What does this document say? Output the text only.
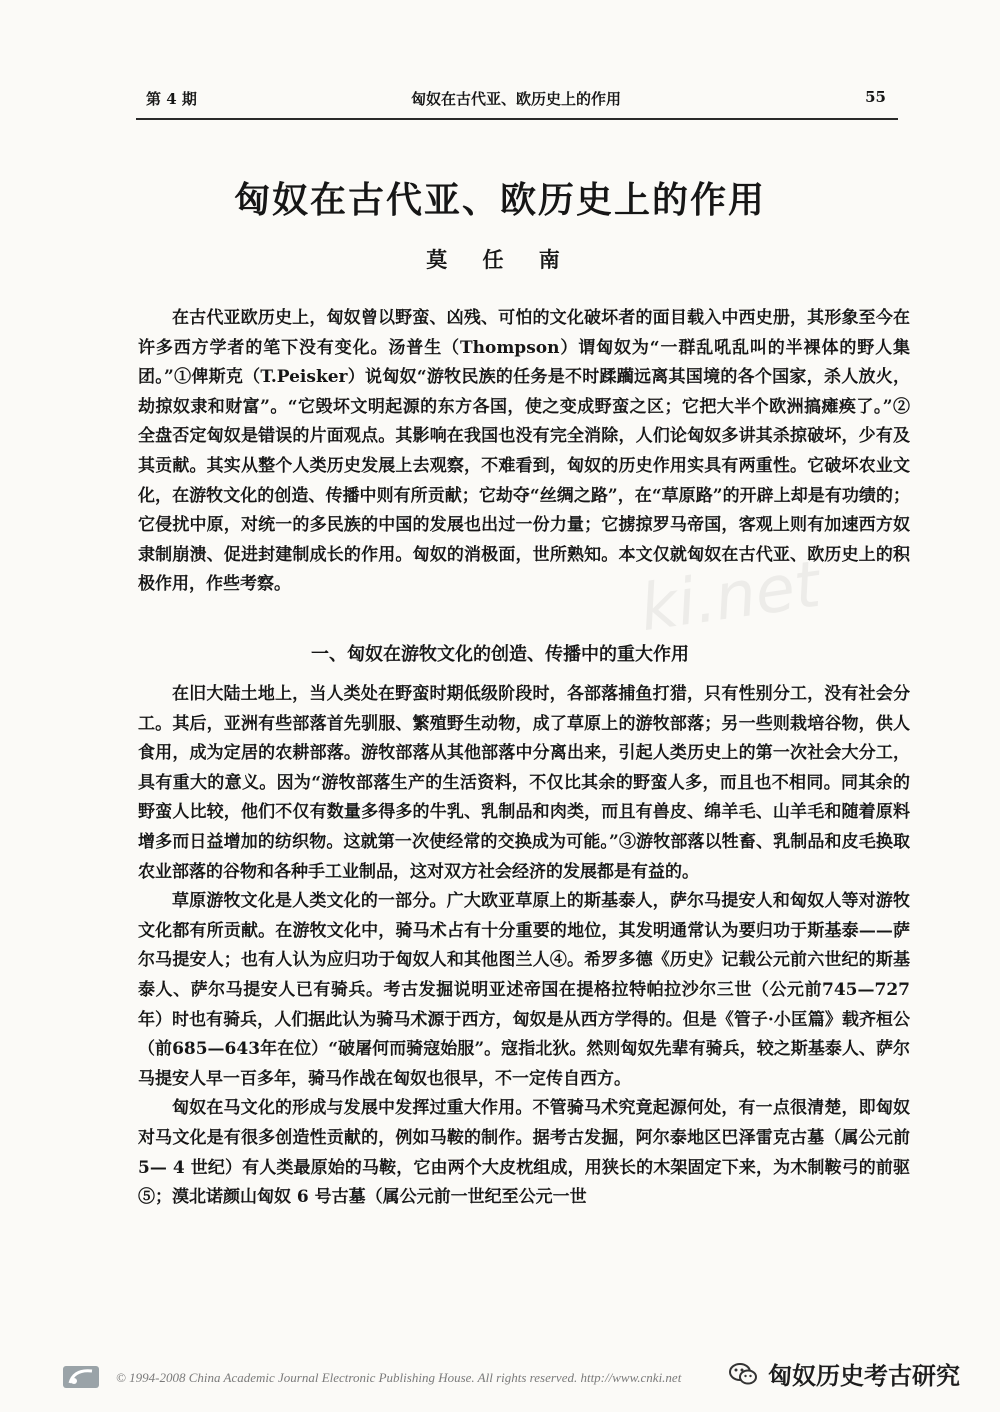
第 4 期	匈奴在古代亚、欧历史上的作用	55
ki.net
匈奴在古代亚、欧历史上的作用
莫 任 南

在古代亚欧历史上，匈奴曾以野蛮、凶残、可怕的文化破坏者的面目载入中西史册，其形象至今在许多西方学者的笔下没有变化。汤普生（Thompson）谓匈奴为“一群乱吼乱叫的半裸体的野人集团。”①俾斯克（T.Peisker）说匈奴“游牧民族的任务是不时蹂躏远离其国境的各个国家，杀人放火，劫掠奴隶和财富”。“它毁坏文明起源的东方各国，使之变成野蛮之区；它把大半个欧洲搞瘫痪了。”② 全盘否定匈奴是错误的片面观点。其影响在我国也没有完全消除，人们论匈奴多讲其杀掠破坏，少有及其贡献。其实从整个人类历史发展上去观察，不难看到，匈奴的历史作用实具有两重性。它破坏农业文化，在游牧文化的创造、传播中则有所贡献；它劫夺“丝绸之路”，在“草原路”的开辟上却是有功绩的；它侵扰中原，对统一的多民族的中国的发展也出过一份力量；它掳掠罗马帝国，客观上则有加速西方奴隶制崩溃、促进封建制成长的作用。匈奴的消极面，世所熟知。本文仅就匈奴在古代亚、欧历史上的积极作用，作些考察。

一、匈奴在游牧文化的创造、传播中的重大作用

在旧大陆土地上，当人类处在野蛮时期低级阶段时，各部落捕鱼打猎，只有性别分工，没有社会分工。其后，亚洲有些部落首先驯服、繁殖野生动物，成了草原上的游牧部落；另一些则栽培谷物，供人食用，成为定居的农耕部落。游牧部落从其他部落中分离出来，引起人类历史上的第一次社会大分工，具有重大的意义。因为“游牧部落生产的生活资料，不仅比其余的野蛮人多，而且也不相同。同其余的野蛮人比较，他们不仅有数量多得多的牛乳、乳制品和肉类，而且有兽皮、绵羊毛、山羊毛和随着原料增多而日益增加的纺织物。这就第一次使经常的交换成为可能。”③游牧部落以牲畜、乳制品和皮毛换取农业部落的谷物和各种手工业制品，这对双方社会经济的发展都是有益的。

草原游牧文化是人类文化的一部分。广大欧亚草原上的斯基泰人，萨尔马提安人和匈奴人等对游牧文化都有所贡献。在游牧文化中，骑马术占有十分重要的地位，其发明通常认为要归功于斯基泰——萨尔马提安人；也有人认为应归功于匈奴人和其他图兰人④。希罗多德《历史》记载公元前六世纪的斯基泰人、萨尔马提安人已有骑兵。考古发掘说明亚述帝国在提格拉特帕拉沙尔三世（公元前745—727年）时也有骑兵，人们据此认为骑马术源于西方，匈奴是从西方学得的。但是《管子·小匡篇》载齐桓公（前685—643年在位）“破屠何而骑寇始服”。寇指北狄。然则匈奴先辈有骑兵，较之斯基泰人、萨尔马提安人早一百多年，骑马作战在匈奴也很早，不一定传自西方。

匈奴在马文化的形成与发展中发挥过重大作用。不管骑马术究竟起源何处，有一点很清楚，即匈奴对马文化是有很多创造性贡献的，例如马鞍的制作。据考古发掘，阿尔泰地区巴泽雷克古墓（属公元前 5— 4 世纪）有人类最原始的马鞍，它由两个大皮枕组成，用狭长的木架固定下来，为木制鞍弓的前驱⑤；漠北诺颜山匈奴 6 号古墓（属公元前一世纪至公元一世

© 1994-2008 China Academic Journal Electronic Publishing House. All rights reserved. http://www.cnki.net	匈奴历史考古研究
